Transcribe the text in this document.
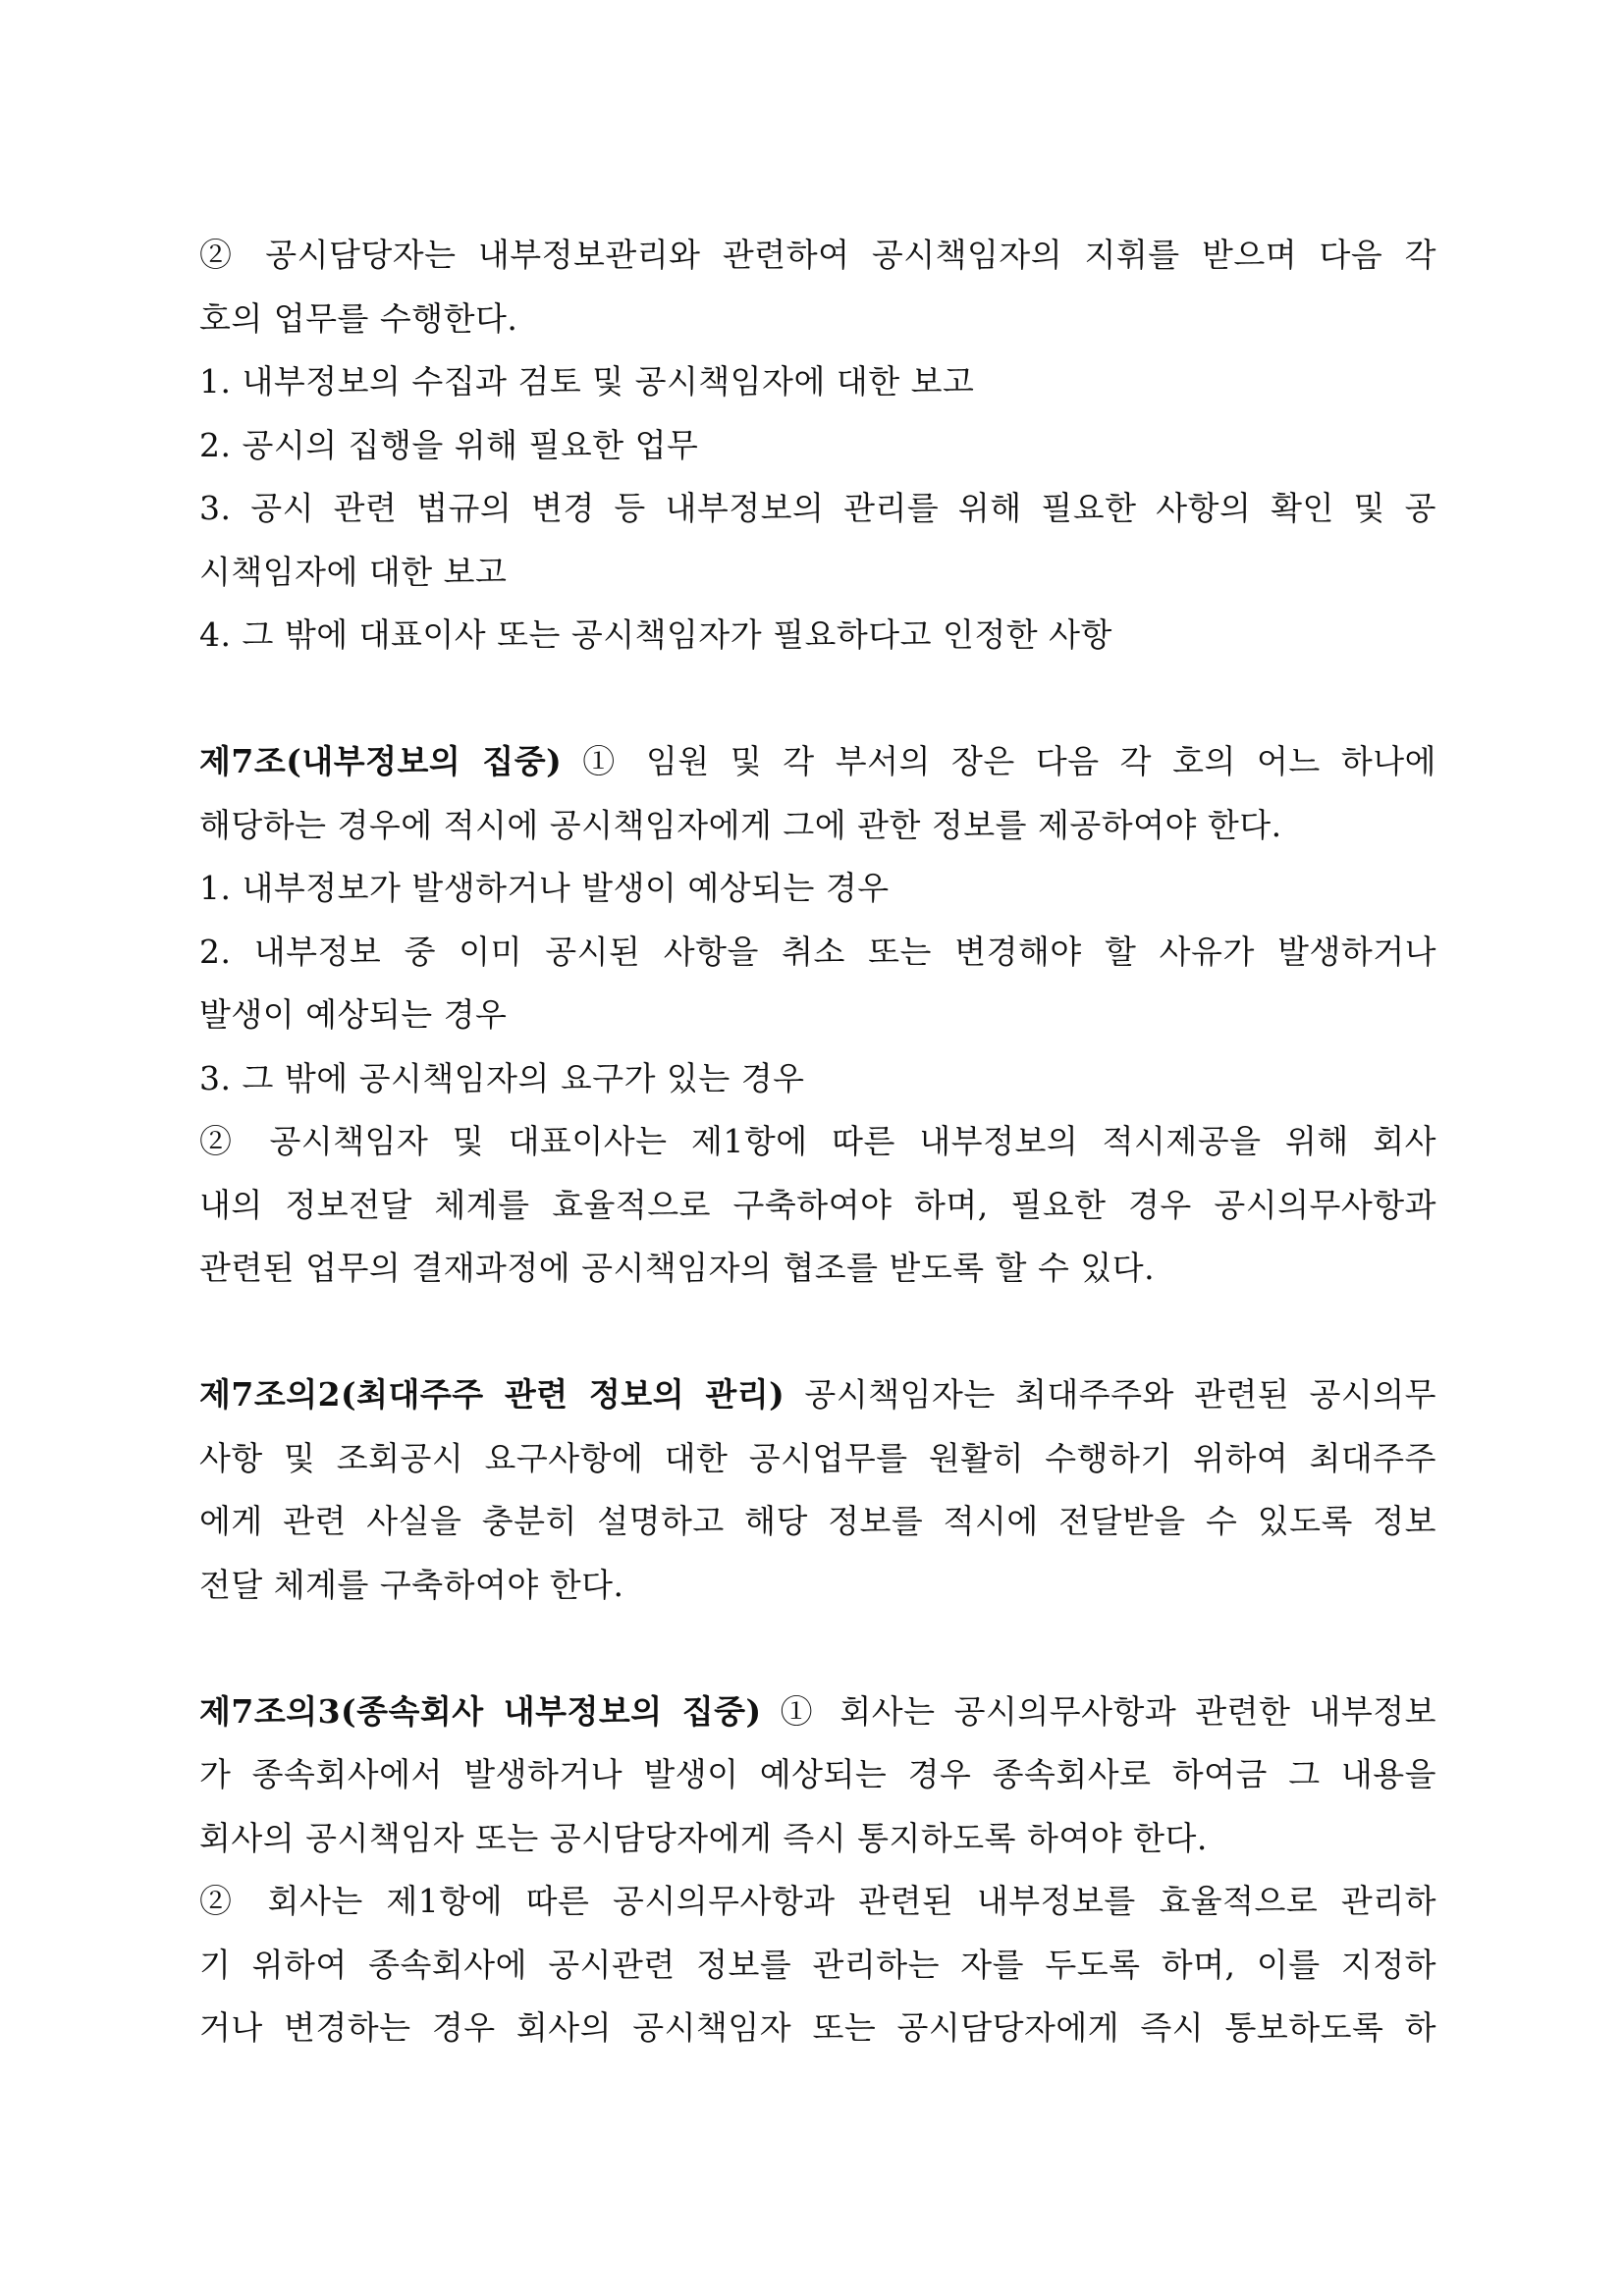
② 공시담당자는 내부정보관리와 관련하여 공시책임자의 지휘를 받으며 다음 각
호의 업무를 수행한다.
1. 내부정보의 수집과 검토 및 공시책임자에 대한 보고
2. 공시의 집행을 위해 필요한 업무
3. 공시 관련 법규의 변경 등 내부정보의 관리를 위해 필요한 사항의 확인 및 공
시책임자에 대한 보고
4. 그 밖에 대표이사 또는 공시책임자가 필요하다고 인정한 사항
제7조(내부정보의 집중) ① 임원 및 각 부서의 장은 다음 각 호의 어느 하나에
해당하는 경우에 적시에 공시책임자에게 그에 관한 정보를 제공하여야 한다.
1. 내부정보가 발생하거나 발생이 예상되는 경우
2. 내부정보 중 이미 공시된 사항을 취소 또는 변경해야 할 사유가 발생하거나
발생이 예상되는 경우
3. 그 밖에 공시책임자의 요구가 있는 경우
② 공시책임자 및 대표이사는 제1항에 따른 내부정보의 적시제공을 위해 회사
내의 정보전달 체계를 효율적으로 구축하여야 하며, 필요한 경우 공시의무사항과
관련된 업무의 결재과정에 공시책임자의 협조를 받도록 할 수 있다.
제7조의2(최대주주 관련 정보의 관리) 공시책임자는 최대주주와 관련된 공시의무
사항 및 조회공시 요구사항에 대한 공시업무를 원활히 수행하기 위하여 최대주주
에게 관련 사실을 충분히 설명하고 해당 정보를 적시에 전달받을 수 있도록 정보
전달 체계를 구축하여야 한다.
제7조의3(종속회사 내부정보의 집중) ① 회사는 공시의무사항과 관련한 내부정보
가 종속회사에서 발생하거나 발생이 예상되는 경우 종속회사로 하여금 그 내용을
회사의 공시책임자 또는 공시담당자에게 즉시 통지하도록 하여야 한다.
② 회사는 제1항에 따른 공시의무사항과 관련된 내부정보를 효율적으로 관리하
기 위하여 종속회사에 공시관련 정보를 관리하는 자를 두도록 하며, 이를 지정하
거나 변경하는 경우 회사의 공시책임자 또는 공시담당자에게 즉시 통보하도록 하
